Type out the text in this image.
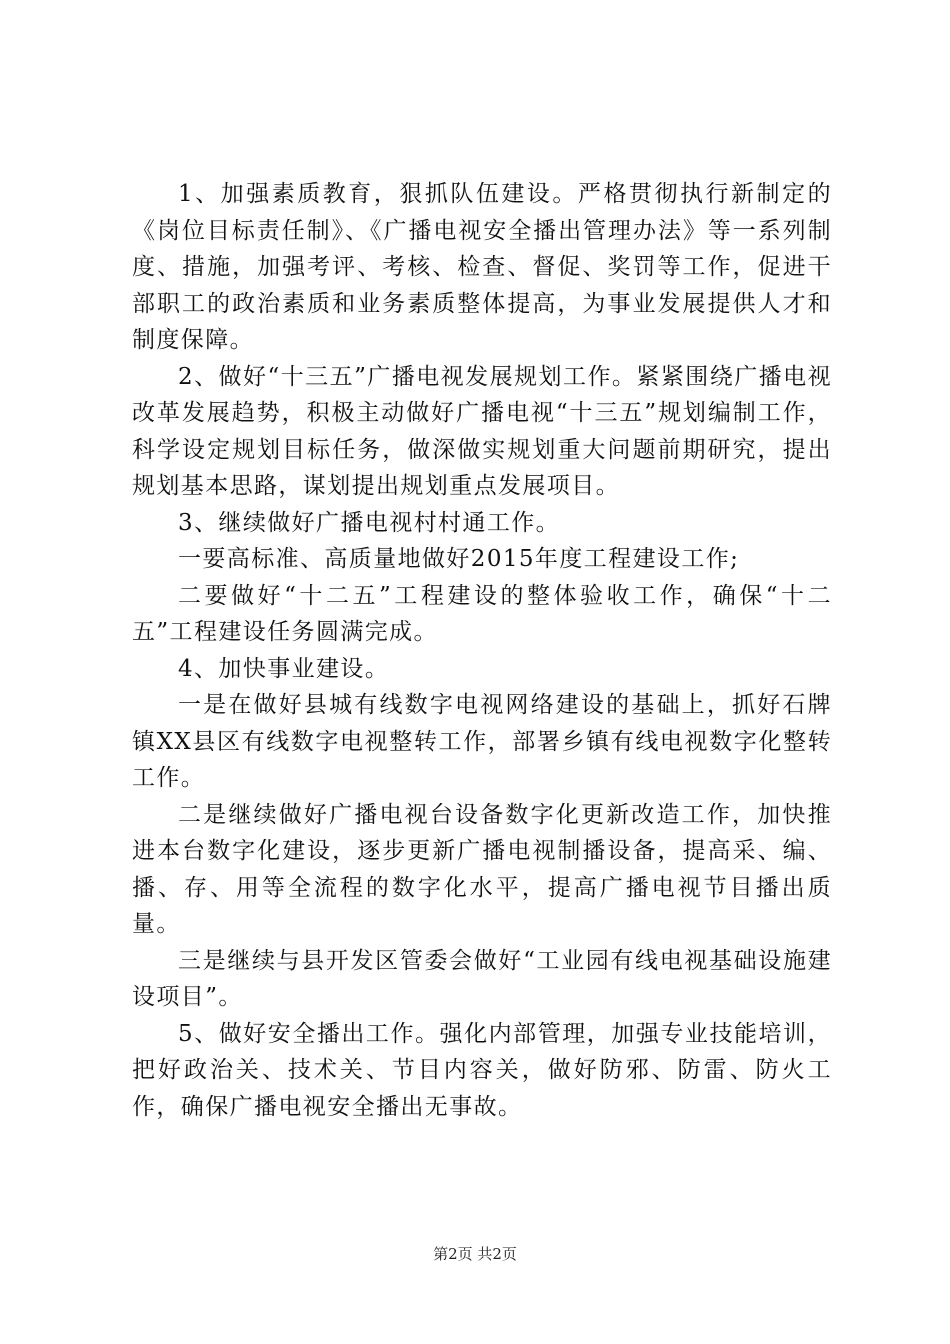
1、加强素质教育，狠抓队伍建设。严格贯彻执行新制定的《岗位目标责任制》、《广播电视安全播出管理办法》等一系列制度、措施，加强考评、考核、检查、督促、奖罚等工作，促进干部职工的政治素质和业务素质整体提高，为事业发展提供人才和制度保障。

2、做好“十三五”广播电视发展规划工作。紧紧围绕广播电视改革发展趋势，积极主动做好广播电视“十三五”规划编制工作，科学设定规划目标任务，做深做实规划重大问题前期研究，提出规划基本思路，谋划提出规划重点发展项目。

3、继续做好广播电视村村通工作。

一要高标准、高质量地做好2015年度工程建设工作;

二要做好“十二五”工程建设的整体验收工作，确保“十二五”工程建设任务圆满完成。

4、加快事业建设。

一是在做好县城有线数字电视网络建设的基础上，抓好石牌镇XX县区有线数字电视整转工作，部署乡镇有线电视数字化整转工作。

二是继续做好广播电视台设备数字化更新改造工作，加快推进本台数字化建设，逐步更新广播电视制播设备，提高采、编、播、存、用等全流程的数字化水平，提高广播电视节目播出质量。

三是继续与县开发区管委会做好“工业园有线电视基础设施建设项目”。

5、做好安全播出工作。强化内部管理，加强专业技能培训，把好政治关、技术关、节目内容关，做好防邪、防雷、防火工作，确保广播电视安全播出无事故。

第2页 共2页
